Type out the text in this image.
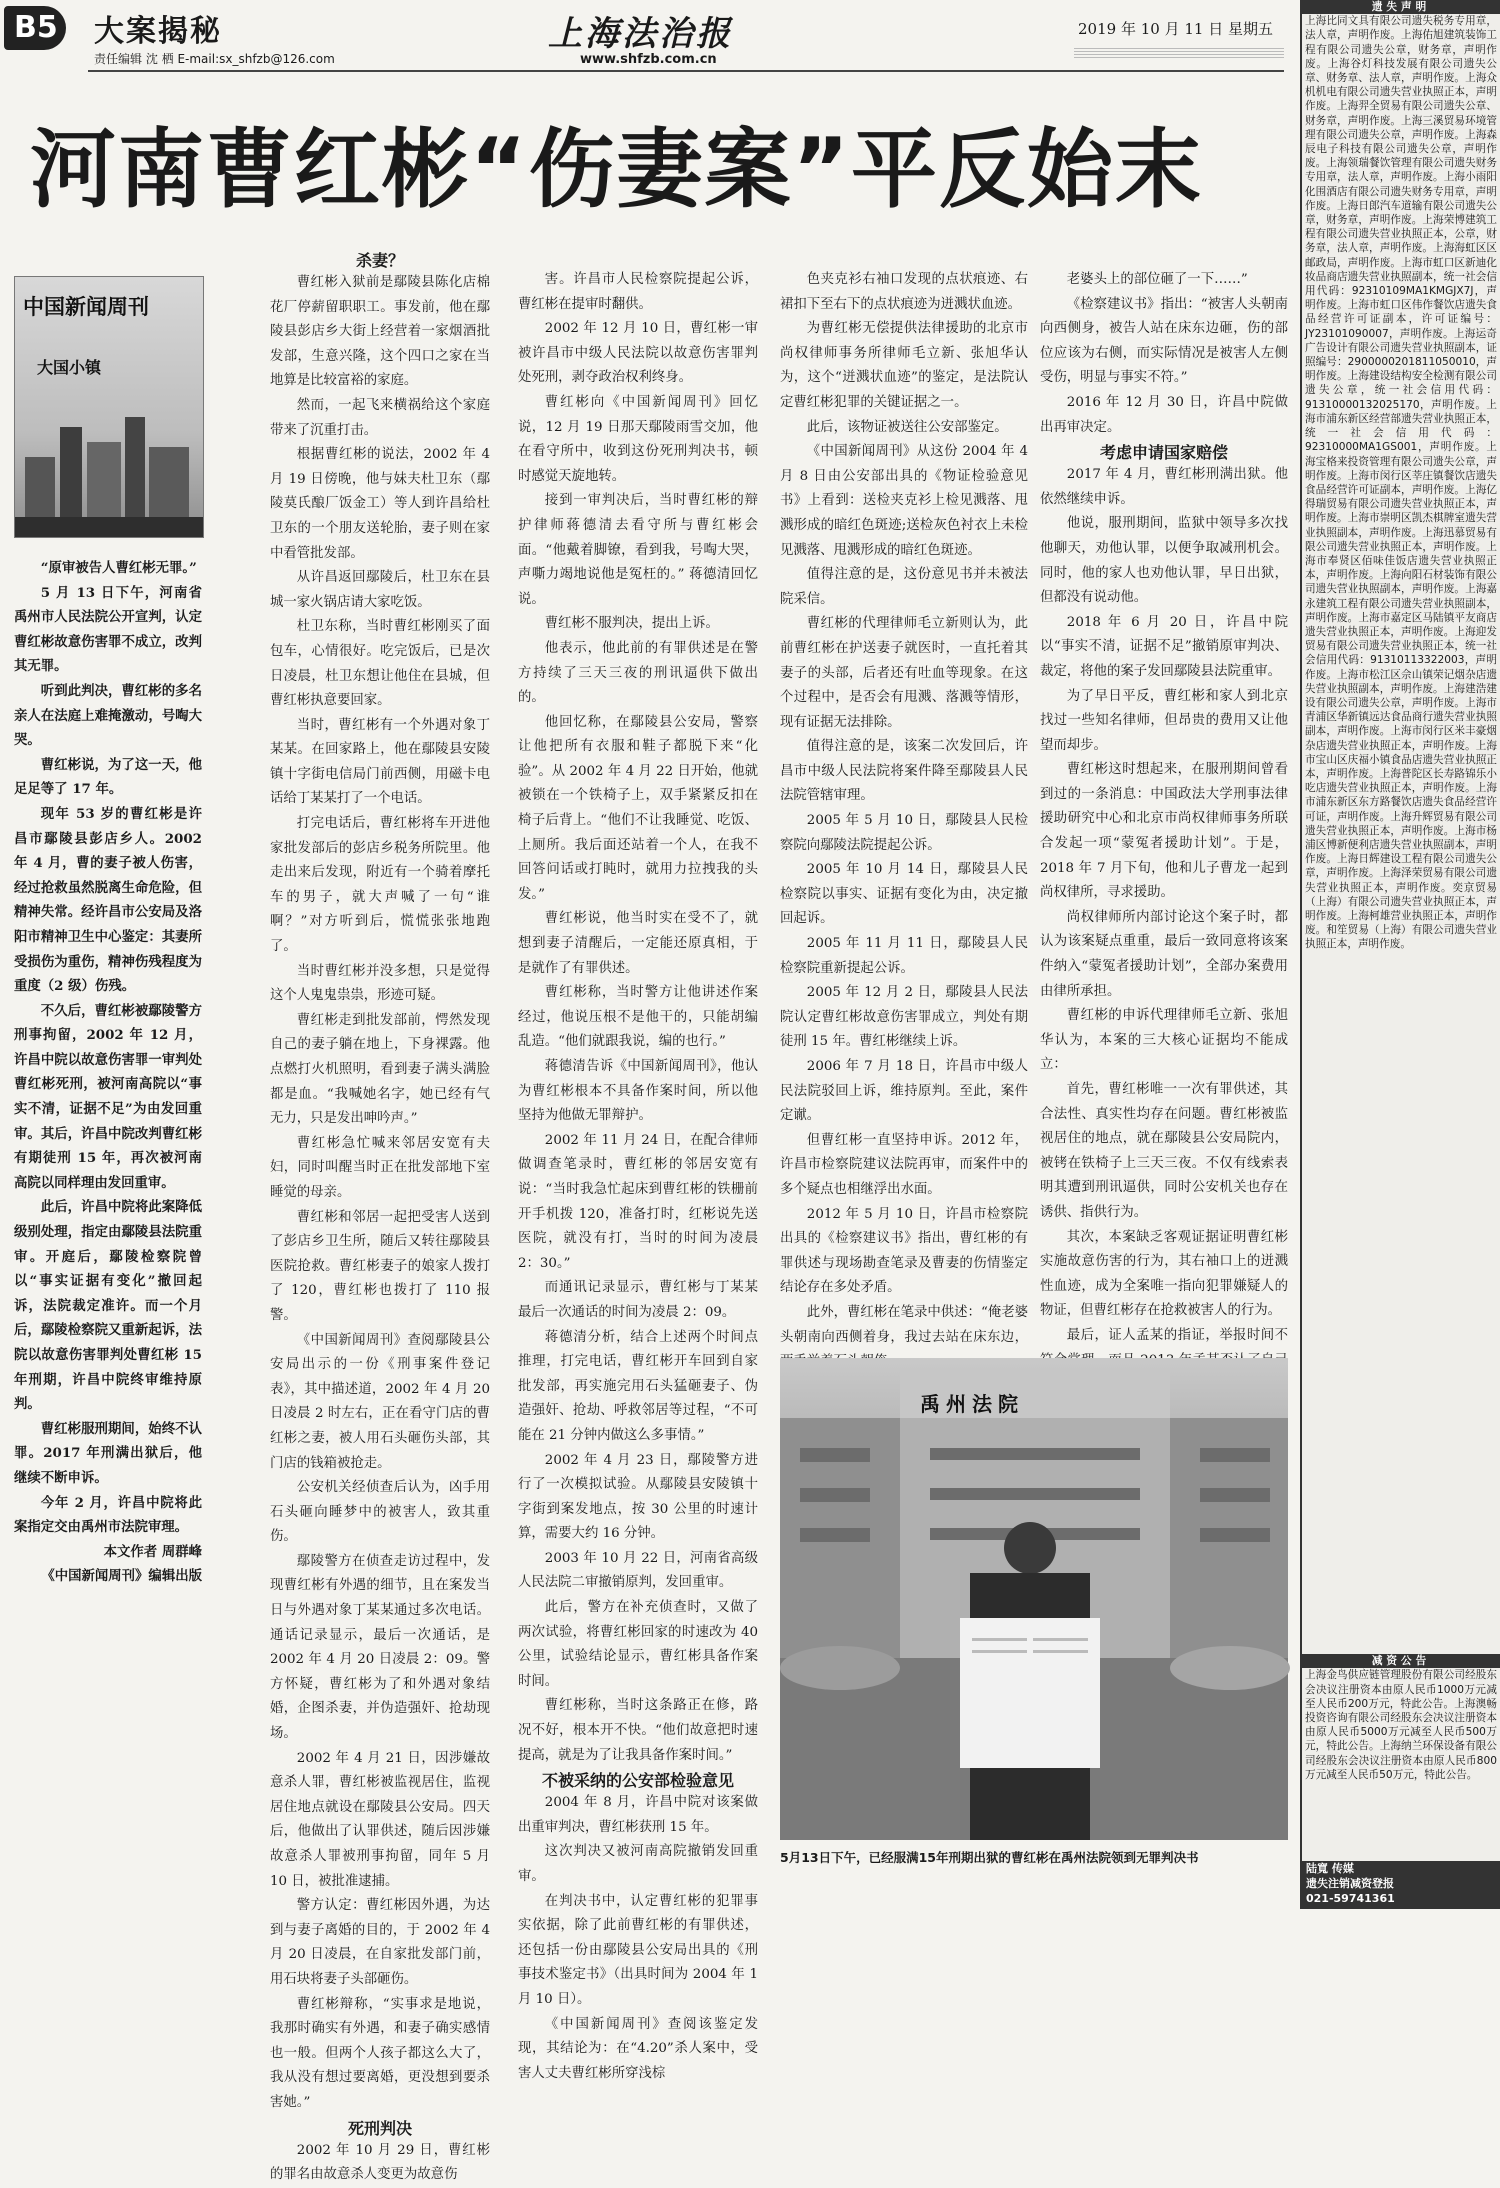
B5 大案揭秘
责任编辑 沈 栖 E-mail:sx_shfzb@126.com
上海法治报
www.shfzb.com.cn
2019 年 10 月 11 日 星期五
河南曹红彬“伤妻案”平反始末
中国新闻周刊
大国小镇

“原审被告人曹红彬无罪。”

5 月 13 日下午，河南省禹州市人民法院公开宣判，认定曹红彬故意伤害罪不成立，改判其无罪。

听到此判决，曹红彬的多名亲人在法庭上难掩激动，号啕大哭。

曹红彬说，为了这一天，他足足等了 17 年。

现年 53 岁的曹红彬是许昌市鄢陵县彭店乡人。2002 年 4 月，曹的妻子被人伤害，经过抢救虽然脱离生命危险，但精神失常。经许昌市公安局及洛阳市精神卫生中心鉴定：其妻所受损伤为重伤，精神伤残程度为重度（2 级）伤残。

不久后，曹红彬被鄢陵警方刑事拘留，2002 年 12 月，许昌中院以故意伤害罪一审判处曹红彬死刑，被河南高院以“事实不清，证据不足”为由发回重审。其后，许昌中院改判曹红彬有期徒刑 15 年，再次被河南高院以同样理由发回重审。

此后，许昌中院将此案降低级别处理，指定由鄢陵县法院重审。开庭后，鄢陵检察院曾以“事实证据有变化”撤回起诉，法院裁定准许。而一个月后，鄢陵检察院又重新起诉，法院以故意伤害罪判处曹红彬 15 年刑期，许昌中院终审维持原判。

曹红彬服刑期间，始终不认罪。2017 年刑满出狱后，他继续不断申诉。

今年 2 月，许昌中院将此案指定交由禹州市法院审理。

本文作者 周群峰

《中国新闻周刊》编辑出版

杀妻？

曹红彬入狱前是鄢陵县陈化店棉花厂停薪留职职工。事发前，他在鄢陵县彭店乡大街上经营着一家烟酒批发部，生意兴隆，这个四口之家在当地算是比较富裕的家庭。

然而，一起飞来横祸给这个家庭带来了沉重打击。

根据曹红彬的说法，2002 年 4 月 19 日傍晚，他与妹夫杜卫东（鄢陵莫氏酿厂饭金工）等人到许昌给杜卫东的一个朋友送轮胎，妻子则在家中看管批发部。

从许昌返回鄢陵后，杜卫东在县城一家火锅店请大家吃饭。

杜卫东称，当时曹红彬刚买了面包车，心情很好。吃完饭后，已是次日凌晨，杜卫东想让他住在县城，但曹红彬执意要回家。

当时，曹红彬有一个外遇对象丁某某。在回家路上，他在鄢陵县安陵镇十字街电信局门前西侧，用磁卡电话给丁某某打了一个电话。

打完电话后，曹红彬将车开进他家批发部后的彭店乡税务所院里。他走出来后发现，附近有一个骑着摩托车的男子，就大声喊了一句“谁啊？”对方听到后，慌慌张张地跑了。

当时曹红彬并没多想，只是觉得这个人鬼鬼祟祟，形迹可疑。

曹红彬走到批发部前，愕然发现自己的妻子躺在地上，下身裸露。他点燃打火机照明，看到妻子满头满脸都是血。“我喊她名字，她已经有气无力，只是发出呻吟声。”

曹红彬急忙喊来邻居安宽有夫妇，同时叫醒当时正在批发部地下室睡觉的母亲。

曹红彬和邻居一起把受害人送到了彭店乡卫生所，随后又转往鄢陵县医院抢救。曹红彬妻子的娘家人拨打了 120，曹红彬也拨打了 110 报警。

《中国新闻周刊》查阅鄢陵县公安局出示的一份《刑事案件登记表》，其中描述道，2002 年 4 月 20 日凌晨 2 时左右，正在看守门店的曹红彬之妻，被人用石头砸伤头部，其门店的钱箱被抢走。

公安机关经侦查后认为，凶手用石头砸向睡梦中的被害人，致其重伤。

鄢陵警方在侦查走访过程中，发现曹红彬有外遇的细节，且在案发当日与外遇对象丁某某通过多次电话。通话记录显示，最后一次通话，是 2002 年 4 月 20 日凌晨 2：09。警方怀疑，曹红彬为了和外遇对象结婚，企图杀妻，并伪造强奸、抢劫现场。

2002 年 4 月 21 日，因涉嫌故意杀人罪，曹红彬被监视居住，监视居住地点就设在鄢陵县公安局。四天后，他做出了认罪供述，随后因涉嫌故意杀人罪被刑事拘留，同年 5 月 10 日，被批准逮捕。

警方认定：曹红彬因外遇，为达到与妻子离婚的目的，于 2002 年 4 月 20 日凌晨，在自家批发部门前，用石块将妻子头部砸伤。

曹红彬辩称，“实事求是地说，我那时确实有外遇，和妻子确实感情也一般。但两个人孩子都这么大了，我从没有想过要离婚，更没想到要杀害她。”

死刑判决

2002 年 10 月 29 日，曹红彬的罪名由故意杀人变更为故意伤

害。许昌市人民检察院提起公诉，曹红彬在提审时翻供。

2002 年 12 月 10 日，曹红彬一审被许昌市中级人民法院以故意伤害罪判处死刑，剥夺政治权利终身。

曹红彬向《中国新闻周刊》回忆说，12 月 19 日那天鄢陵雨雪交加，他在看守所中，收到这份死刑判决书，顿时感觉天旋地转。

接到一审判决后，当时曹红彬的辩护律师蒋德清去看守所与曹红彬会面。“他戴着脚镣，看到我，号啕大哭，声嘶力竭地说他是冤枉的。” 蒋德清回忆说。

曹红彬不服判决，提出上诉。

他表示，他此前的有罪供述是在警方持续了三天三夜的刑讯逼供下做出的。

他回忆称，在鄢陵县公安局，警察让他把所有衣服和鞋子都脱下来“化验”。从 2002 年 4 月 22 日开始，他就被锁在一个铁椅子上，双手紧紧反扣在椅子后背上。“他们不让我睡觉、吃饭、上厕所。我后面还站着一个人，在我不回答问话或打盹时，就用力拉拽我的头发。”

曹红彬说，他当时实在受不了，就想到妻子清醒后，一定能还原真相，于是就作了有罪供述。

曹红彬称，当时警方让他讲述作案经过，他说压根不是他干的，只能胡编乱造。“他们就跟我说，编的也行。”

蒋德清告诉《中国新闻周刊》，他认为曹红彬根本不具备作案时间，所以他坚持为他做无罪辩护。

2002 年 11 月 24 日，在配合律师做调查笔录时，曹红彬的邻居安宽有说：“当时我急忙起床到曹红彬的铁栅前开手机拨 120，准备打时，红彬说先送医院，就没有打，当时的时间为凌晨 2：30。”

而通讯记录显示，曹红彬与丁某某最后一次通话的时间为凌晨 2：09。

蒋德清分析，结合上述两个时间点推理，打完电话，曹红彬开车回到自家批发部，再实施完用石头猛砸妻子、伪造强奸、抢劫、呼救邻居等过程，“不可能在 21 分钟内做这么多事情。”

2002 年 4 月 23 日，鄢陵警方进行了一次模拟试验。从鄢陵县安陵镇十字街到案发地点，按 30 公里的时速计算，需要大约 16 分钟。

2003 年 10 月 22 日，河南省高级人民法院二审撤销原判，发回重审。

此后，警方在补充侦查时，又做了两次试验，将曹红彬回家的时速改为 40 公里，试验结论显示，曹红彬具备作案时间。

曹红彬称，当时这条路正在修，路况不好，根本开不快。“他们故意把时速提高，就是为了让我具备作案时间。”

不被采纳的公安部检验意见

2004 年 8 月，许昌中院对该案做出重审判决，曹红彬获刑 15 年。

这次判决又被河南高院撤销发回重审。

在判决书中，认定曹红彬的犯罪事实依据，除了此前曹红彬的有罪供述，还包括一份由鄢陵县公安局出具的《刑事技术鉴定书》（出具时间为 2004 年 1 月 10 日）。

《中国新闻周刊》查阅该鉴定发现，其结论为：在“4.20”杀人案中，受害人丈夫曹红彬所穿浅棕

色夹克衫右袖口发现的点状痕迹、右裙扣下至右下的点状痕迹为迸溅状血迹。

为曹红彬无偿提供法律援助的北京市尚权律师事务所律师毛立新、张旭华认为，这个“迸溅状血迹”的鉴定，是法院认定曹红彬犯罪的关键证据之一。

此后，该物证被送往公安部鉴定。

《中国新闻周刊》从这份 2004 年 4 月 8 日由公安部出具的《物证检验意见书》上看到：送检夹克衫上检见溅落、甩溅形成的暗红色斑迹;送检灰色衬衣上未检见溅落、甩溅形成的暗红色斑迹。

值得注意的是，这份意见书并未被法院采信。

曹红彬的代理律师毛立新则认为，此前曹红彬在护送妻子就医时，一直托着其妻子的头部，后者还有吐血等现象。在这个过程中，是否会有甩溅、落溅等情形，现有证据无法排除。

值得注意的是，该案二次发回后，许昌市中级人民法院将案件降至鄢陵县人民法院管辖审理。

2005 年 5 月 10 日，鄢陵县人民检察院向鄢陵法院提起公诉。

2005 年 10 月 14 日，鄢陵县人民检察院以事实、证据有变化为由，决定撤回起诉。

2005 年 11 月 11 日，鄢陵县人民检察院重新提起公诉。

2005 年 12 月 2 日，鄢陵县人民法院认定曹红彬故意伤害罪成立，判处有期徒刑 15 年。曹红彬继续上诉。

2006 年 7 月 18 日，许昌市中级人民法院驳回上诉，维持原判。至此，案件定谳。

但曹红彬一直坚持申诉。2012 年，许昌市检察院建议法院再审，而案件中的多个疑点也相继浮出水面。

2012 年 5 月 10 日，许昌市检察院出具的《检察建议书》指出，曹红彬的有罪供述与现场勘查笔录及曹妻的伤情鉴定结论存在多处矛盾。

此外，曹红彬在笔录中供述：“俺老婆头朝南向西侧着身，我过去站在床东边，

老婆头上的部位砸了一下……”

《检察建议书》指出：“被害人头朝南向西侧身，被告人站在床东边砸，伤的部位应该为右侧，而实际情况是被害人左侧受伤，明显与事实不符。”

2016 年 12 月 30 日，许昌中院做出再审决定。

考虑申请国家赔偿

2017 年 4 月，曹红彬刑满出狱。他依然继续申诉。

他说，服刑期间，监狱中领导多次找他聊天，劝他认罪，以便争取减刑机会。同时，他的家人也劝他认罪，早日出狱，但都没有说动他。

2018 年 6 月 20 日，许昌中院以“事实不清，证据不足”撤销原审判决、裁定，将他的案子发回鄢陵县法院重审。

为了早日平反，曹红彬和家人到北京找过一些知名律师，但昂贵的费用又让他望而却步。

曹红彬这时想起来，在服刑期间曾看到过的一条消息：中国政法大学刑事法律援助研究中心和北京市尚权律师事务所联合发起一项“蒙冤者援助计划”。于是，2018 年 7 月下旬，他和儿子曹龙一起到尚权律所，寻求援助。

尚权律师所内部讨论这个案子时，都认为该案疑点重重，最后一致同意将该案件纳入“蒙冤者援助计划”，全部办案费用由律所承担。

曹红彬的申诉代理律师毛立新、张旭华认为，本案的三大核心证据均不能成立：

首先，曹红彬唯一一次有罪供述，其合法性、真实性均存在问题。曹红彬被监视居住的地点，就在鄢陵县公安局院内，被铐在铁椅子上三天三夜。不仅有线索表明其遭到刑讯逼供，同时公安机关也存在诱供、指供行为。

其次，本案缺乏客观证据证明曹红彬实施故意伤害的行为，其右袖口上的迸溅性血迹，成为全案唯一指向犯罪嫌疑人的物证，但曹红彬存在抢救被害人的行为。

最后，证人孟某的指证，举报时间不

禹州法院
5月13日下午，已经服满15年刑期出狱的曹红彬在禹州法院领到无罪判决书
遗失声明
上海比同文具有限公司遗失税务专用章，法人章，声明作废。上海佑旭建筑装饰工程有限公司遗失公章，财务章，声明作废。上海谷灯科技发展有限公司遗失公章、财务章、法人章，声明作废。上海众机机电有限公司遗失营业执照正本，声明作废。上海羿全贸易有限公司遗失公章、财务章，声明作废。上海三溪贸易环境管理有限公司遗失公章，声明作废。上海森辰电子科技有限公司遗失公章，声明作废。上海领瑞餐饮管理有限公司遗失财务专用章，法人章，声明作废。上海小雨阳化围酒店有限公司遗失财务专用章，声明作废。上海日郎汽车道输有限公司遗失公章，财务章，声明作废。上海荣博建筑工程有限公司遗失营业执照正本，公章，财务章，法人章，声明作废。上海海虹区区邮政局，声明作废。上海市虹口区新迪化妆品商店遗失营业执照副本，统一社会信用代码：92310109MA1KMGJX7J，声明作废。上海市虹口区伟作餐饮店遗失食品经营许可证副本，许可证编号：JY23101090007，声明作废。上海运奇广告设计有限公司遗失营业执照副本，证照编号：2900000201811050010，声明作废。上海建设结构安全检测有限公司遗失公章，统一社会信用代码：91310000132025170，声明作废。上海市浦东新区经营部遗失营业执照正本，统一社会信用代码：92310000MA1GS001，声明作废。上海宝格来投资管理有限公司遗失公章，声明作废。上海市闵行区莘庄镇餐饮店遗失食品经营许可证副本，声明作废。上海亿得瑞贸易有限公司遗失营业执照正本，声明作废。上海市崇明区凯杰棋牌室遗失营业执照副本，声明作废。上海迅慕贸易有限公司遗失营业执照正本，声明作废。上海市奉贤区佰味佳饭店遗失营业执照正本，声明作废。上海向阳石材装饰有限公司遗失营业执照副本，声明作废。上海嘉永建筑工程有限公司遗失营业执照副本，声明作废。上海市嘉定区马陆镇平友商店遗失营业执照正本，声明作废。上海迎发贸易有限公司遗失营业执照正本，统一社会信用代码：91310113322003，声明作废。上海市松江区佘山镇荣记烟杂店遗失营业执照副本，声明作废。上海建浩建设有限公司遗失公章，声明作废。上海市青浦区华新镇远达食品商行遗失营业执照副本，声明作废。上海市闵行区米丰豪烟杂店遗失营业执照正本，声明作废。上海市宝山区庆福小镇食品店遗失营业执照正本，声明作废。上海普陀区长寿路锦乐小吃店遗失营业执照正本，声明作废。上海市浦东新区东方路餐饮店遗失食品经营许可证，声明作废。上海升辉贸易有限公司遗失营业执照正本，声明作废。上海市杨浦区博新便利店遗失营业执照副本，声明作废。上海日辉建设工程有限公司遗失公章，声明作废。上海泽荣贸易有限公司遗失营业执照正本，声明作废。奕京贸易（上海）有限公司遗失营业执照正本，声明作废。上海柯雄营业执照正本，声明作废。和笙贸易（上海）有限公司遗失营业执照正本，声明作废。
减资公告
上海金鸟供应链管理股份有限公司经股东会决议注册资本由原人民币1000万元减至人民币200万元，特此公告。上海澳畅投资咨询有限公司经股东会决议注册资本由原人民币5000万元减至人民币500万元，特此公告。上海纳兰环保设备有限公司经股东会决议注册资本由原人民币800万元减至人民币50万元，特此公告。
陆寬 传媒
遗失注销减资登报
021-59741361
